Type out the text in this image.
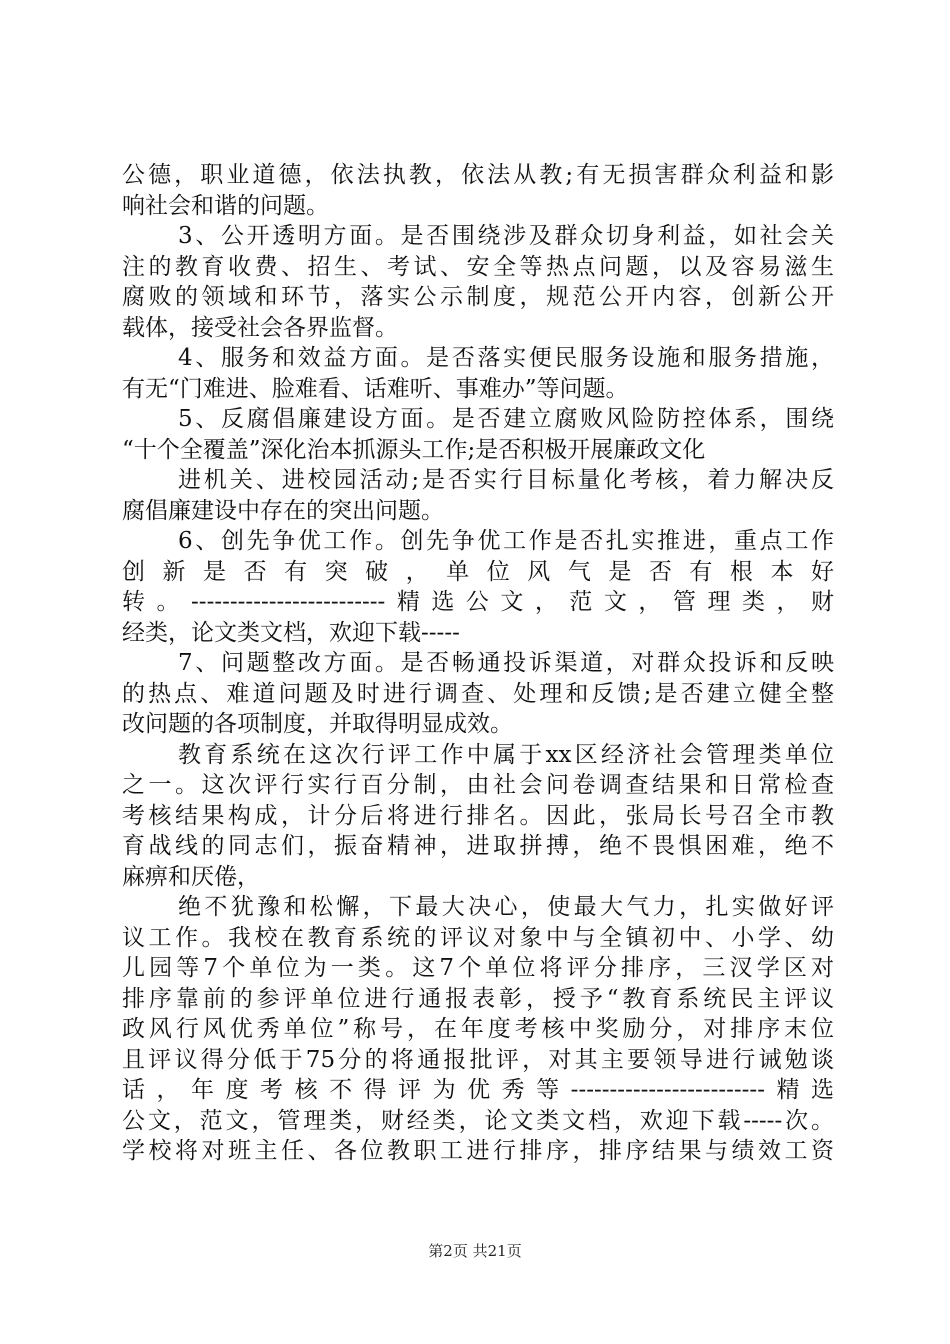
公德，职业道德，依法执教，依法从教;有无损害群众利益和影
响社会和谐的问题。
3、公开透明方面。是否围绕涉及群众切身利益，如社会关
注的教育收费、招生、考试、安全等热点问题，以及容易滋生
腐败的领域和环节，落实公示制度，规范公开内容，创新公开
载体，接受社会各界监督。
4、服务和效益方面。是否落实便民服务设施和服务措施，
有无“门难进、脸难看、话难听、事难办”等问题。
5、反腐倡廉建设方面。是否建立腐败风险防控体系，围绕
“十个全覆盖”深化治本抓源头工作;是否积极开展廉政文化
进机关、进校园活动;是否实行目标量化考核，着力解决反
腐倡廉建设中存在的突出问题。
6、创先争优工作。创先争优工作是否扎实推进，重点工作
创 新 是 否 有 突 破 ， 单 位 风 气 是 否 有 根 本 好
转。-------------------------精选公文，范文，管理类，财
经类，论文类文档，欢迎下载-----
7、问题整改方面。是否畅通投诉渠道，对群众投诉和反映
的热点、难道问题及时进行调查、处理和反馈;是否建立健全整
改问题的各项制度，并取得明显成效。
教育系统在这次行评工作中属于xx区经济社会管理类单位
之一。这次评行实行百分制，由社会问卷调查结果和日常检查
考核结果构成，计分后将进行排名。因此，张局长号召全市教
育战线的同志们，振奋精神，进取拼搏，绝不畏惧困难，绝不
麻痹和厌倦，
绝不犹豫和松懈，下最大决心，使最大气力，扎实做好评
议工作。我校在教育系统的评议对象中与全镇初中、小学、幼
儿园等7个单位为一类。这7个单位将评分排序，三汊学区对
排序靠前的参评单位进行通报表彰，授予“教育系统民主评议
政风行风优秀单位”称号，在年度考核中奖励分，对排序末位
且评议得分低于75分的将通报批评，对其主要领导进行诫勉谈
话，年度考核不得评为优秀等-------------------------精选
公文，范文，管理类，财经类，论文类文档，欢迎下载-----次。
学校将对班主任、各位教职工进行排序，排序结果与绩效工资
第2页 共21页
